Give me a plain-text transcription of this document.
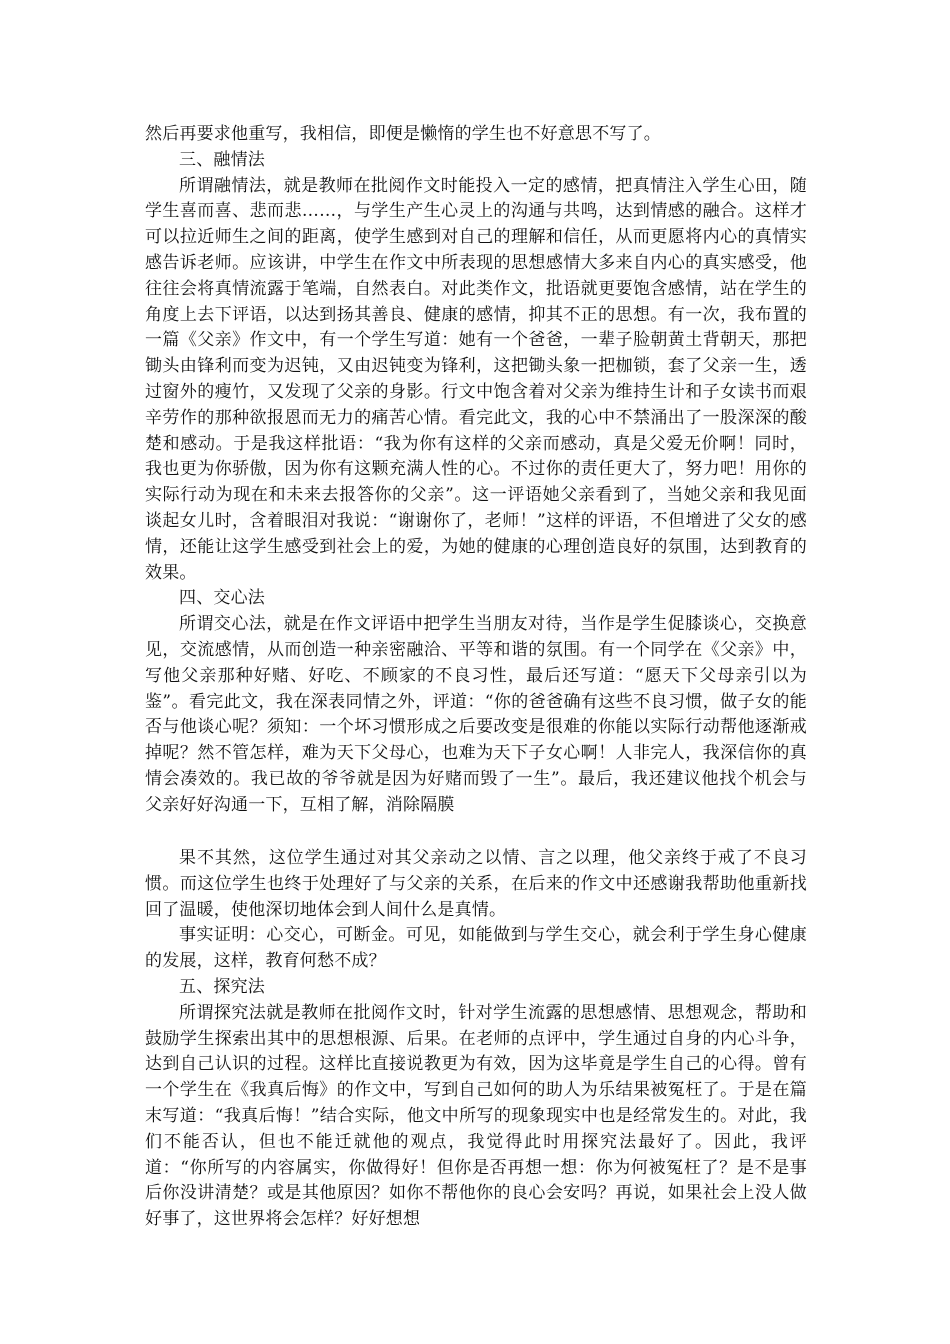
然后再要求他重写，我相信，即便是懒惰的学生也不好意思不写了。

三、融情法

所谓融情法，就是教师在批阅作文时能投入一定的感情，把真情注入学生心田，随学生喜而喜、悲而悲……，与学生产生心灵上的沟通与共鸣，达到情感的融合。这样才可以拉近师生之间的距离，使学生感到对自己的理解和信任，从而更愿将内心的真情实感告诉老师。应该讲，中学生在作文中所表现的思想感情大多来自内心的真实感受，他往往会将真情流露于笔端，自然表白。对此类作文，批语就更要饱含感情，站在学生的角度上去下评语，以达到扬其善良、健康的感情，抑其不正的思想。有一次，我布置的一篇《父亲》作文中，有一个学生写道：她有一个爸爸，一辈子脸朝黄土背朝天，那把锄头由锋利而变为迟钝，又由迟钝变为锋利，这把锄头象一把枷锁，套了父亲一生，透过窗外的瘦竹，又发现了父亲的身影。行文中饱含着对父亲为维持生计和子女读书而艰辛劳作的那种欲报恩而无力的痛苦心情。看完此文，我的心中不禁涌出了一股深深的酸楚和感动。于是我这样批语：“我为你有这样的父亲而感动，真是父爱无价啊！同时，我也更为你骄傲，因为你有这颗充满人性的心。不过你的责任更大了，努力吧！用你的实际行动为现在和未来去报答你的父亲”。这一评语她父亲看到了，当她父亲和我见面谈起女儿时，含着眼泪对我说：“谢谢你了，老师！”这样的评语，不但增进了父女的感情，还能让这学生感受到社会上的爱，为她的健康的心理创造良好的氛围，达到教育的效果。

四、交心法

所谓交心法，就是在作文评语中把学生当朋友对待，当作是学生促膝谈心，交换意见，交流感情，从而创造一种亲密融洽、平等和谐的氛围。有一个同学在《父亲》中，写他父亲那种好赌、好吃、不顾家的不良习性，最后还写道：“愿天下父母亲引以为鉴”。看完此文，我在深表同情之外，评道：“你的爸爸确有这些不良习惯，做子女的能否与他谈心呢？须知：一个坏习惯形成之后要改变是很难的你能以实际行动帮他逐渐戒掉呢？然不管怎样，难为天下父母心，也难为天下子女心啊！人非完人，我深信你的真情会凑效的。我已故的爷爷就是因为好赌而毁了一生”。最后，我还建议他找个机会与父亲好好沟通一下，互相了解，消除隔膜

果不其然，这位学生通过对其父亲动之以情、言之以理，他父亲终于戒了不良习惯。而这位学生也终于处理好了与父亲的关系，在后来的作文中还感谢我帮助他重新找回了温暖，使他深切地体会到人间什么是真情。

事实证明：心交心，可断金。可见，如能做到与学生交心，就会利于学生身心健康的发展，这样，教育何愁不成？

五、探究法

所谓探究法就是教师在批阅作文时，针对学生流露的思想感情、思想观念，帮助和鼓励学生探索出其中的思想根源、后果。在老师的点评中，学生通过自身的内心斗争，达到自己认识的过程。这样比直接说教更为有效，因为这毕竟是学生自己的心得。曾有一个学生在《我真后悔》的作文中，写到自己如何的助人为乐结果被冤枉了。于是在篇末写道：“我真后悔！”结合实际，他文中所写的现象现实中也是经常发生的。对此，我们不能否认，但也不能迁就他的观点，我觉得此时用探究法最好了。因此，我评道：“你所写的内容属实，你做得好！但你是否再想一想：你为何被冤枉了？是不是事后你没讲清楚？或是其他原因？如你不帮他你的良心会安吗？再说，如果社会上没人做好事了，这世界将会怎样？好好想想
